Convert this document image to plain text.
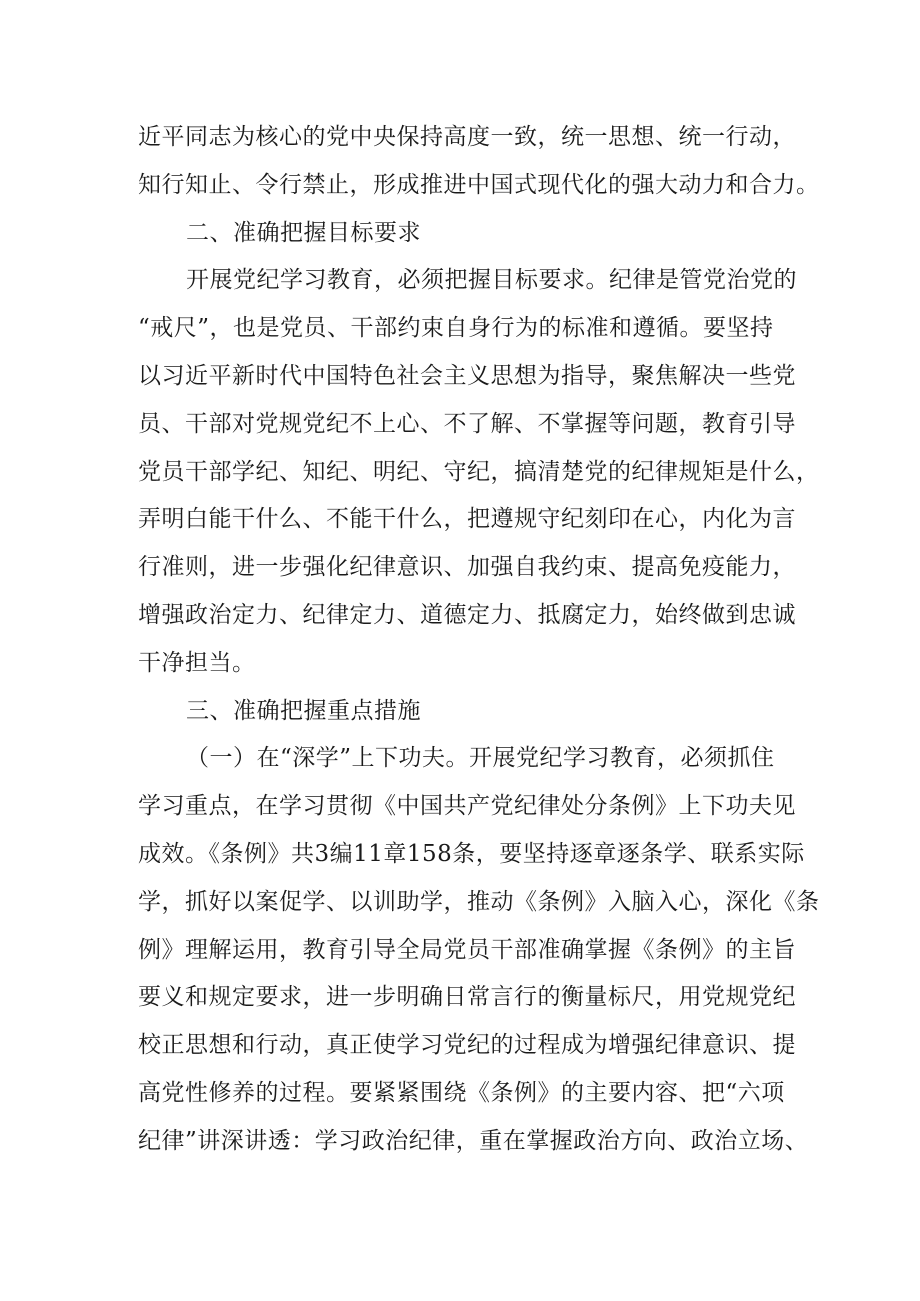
近平同志为核心的党中央保持高度一致，统一思想、统一行动，
知行知止、令行禁止，形成推进中国式现代化的强大动力和合力。
二、准确把握目标要求
开展党纪学习教育，必须把握目标要求。纪律是管党治党的
“戒尺”，也是党员、干部约束自身行为的标准和遵循。要坚持
以习近平新时代中国特色社会主义思想为指导，聚焦解决一些党
员、干部对党规党纪不上心、不了解、不掌握等问题，教育引导
党员干部学纪、知纪、明纪、守纪，搞清楚党的纪律规矩是什么，
弄明白能干什么、不能干什么，把遵规守纪刻印在心，内化为言
行准则，进一步强化纪律意识、加强自我约束、提高免疫能力，
增强政治定力、纪律定力、道德定力、抵腐定力，始终做到忠诚
干净担当。
三、准确把握重点措施
（一）在“深学”上下功夫。开展党纪学习教育，必须抓住
学习重点，在学习贯彻《中国共产党纪律处分条例》上下功夫见
成效。《条例》共3编11章158条，要坚持逐章逐条学、联系实际
学，抓好以案促学、以训助学，推动《条例》入脑入心，深化《条
例》理解运用，教育引导全局党员干部准确掌握《条例》的主旨
要义和规定要求，进一步明确日常言行的衡量标尺，用党规党纪
校正思想和行动，真正使学习党纪的过程成为增强纪律意识、提
高党性修养的过程。要紧紧围绕《条例》的主要内容、把“六项
纪律”讲深讲透：学习政治纪律，重在掌握政治方向、政治立场、
